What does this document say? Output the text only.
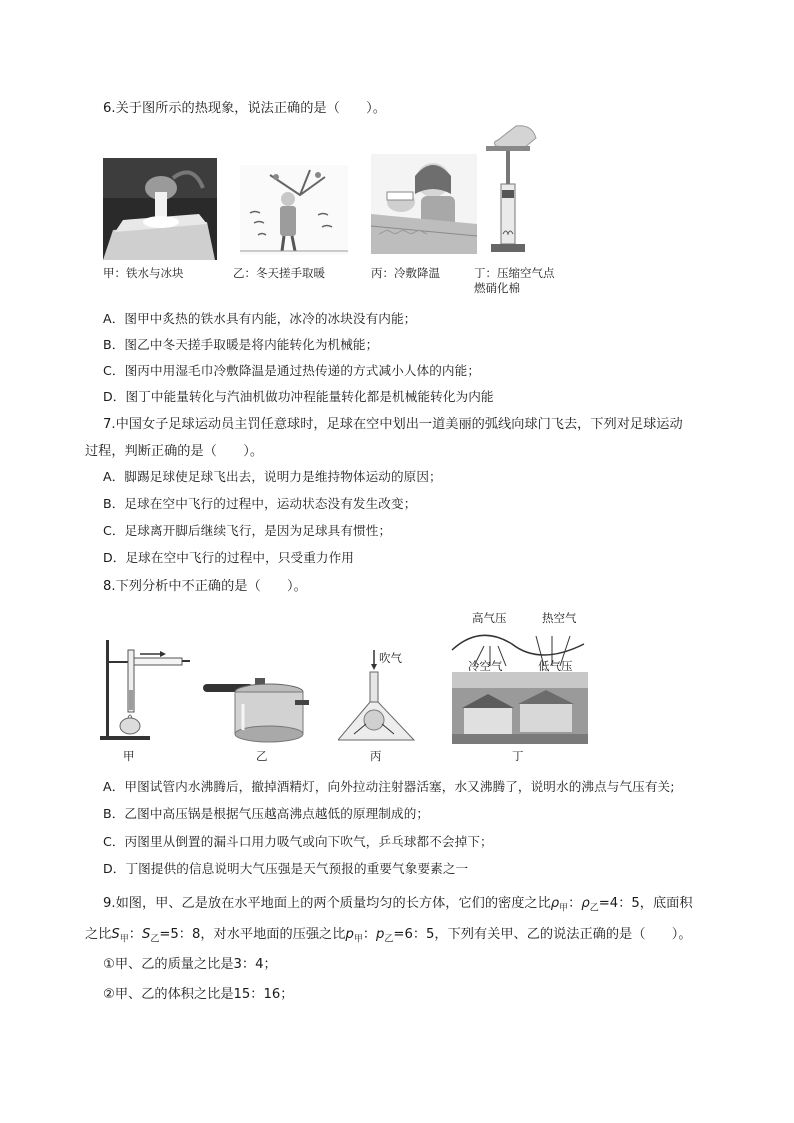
6.关于图所示的热现象，说法正确的是（　　）。
甲：铁水与冰块	乙：冬天搓手取暖	丙：冷敷降温	丁：压缩空气点
燃硝化棉
A．图甲中炙热的铁水具有内能，冰冷的冰块没有内能；
B．图乙中冬天搓手取暖是将内能转化为机械能；
C．图丙中用湿毛巾冷敷降温是通过热传递的方式减小人体的内能；
D．图丁中能量转化与汽油机做功冲程能量转化都是机械能转化为内能
7.中国女子足球运动员主罚任意球时，足球在空中划出一道美丽的弧线向球门飞去，下列对足球运动
过程，判断正确的是（　　）。
A．脚踢足球使足球飞出去，说明力是维持物体运动的原因；
B．足球在空中飞行的过程中，运动状态没有发生改变；
C．足球离开脚后继续飞行，是因为足球具有惯性；
D．足球在空中飞行的过程中，只受重力作用
8.下列分析中不正确的是（　　）。
甲	乙
吹气
丙
高气压	热空气
冷空气	低气压
丁
A．甲图试管内水沸腾后，撤掉酒精灯，向外拉动注射器活塞，水又沸腾了，说明水的沸点与气压有关;
B．乙图中高压锅是根据气压越高沸点越低的原理制成的；
C．丙图里从倒置的漏斗口用力吸气或向下吹气，乒乓球都不会掉下；
D．丁图提供的信息说明大气压强是天气预报的重要气象要素之一
9.如图，甲、乙是放在水平地面上的两个质量均匀的长方体，它们的密度之比$\rho_甲$：$\rho_乙=4$：5，底面积
之比$S_甲$：$S_乙=5$：8，对水平地面的压强之比$p_甲$：$p_乙=6$：5，下列有关甲、乙的说法正确的是（　　）。
①甲、乙的质量之比是3：4；
②甲、乙的体积之比是15：16；
